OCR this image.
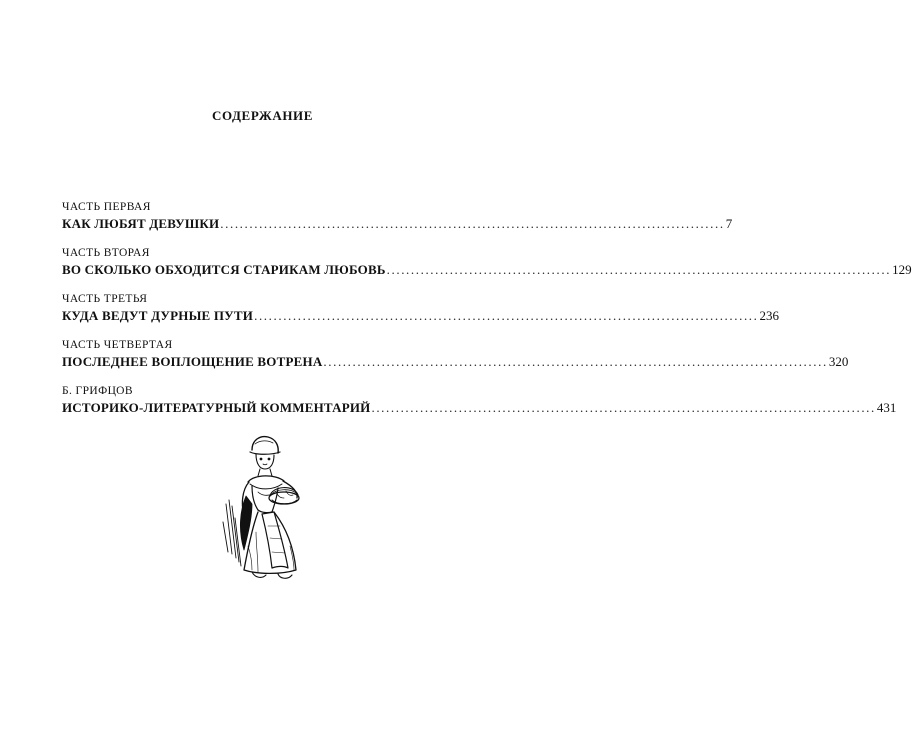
СОДЕРЖАНИЕ
ЧАСТЬ ПЕРВАЯ
КАК ЛЮБЯТ ДЕВУШКИ ........................................................................................................ 7
ЧАСТЬ ВТОРАЯ
ВО СКОЛЬКО ОБХОДИТСЯ СТАРИКАМ ЛЮБОВЬ ........................................................................................................ 129
ЧАСТЬ ТРЕТЬЯ
КУДА ВЕДУТ ДУРНЫЕ ПУТИ ........................................................................................................ 236
ЧАСТЬ ЧЕТВЕРТАЯ
ПОСЛЕДНЕЕ ВОПЛОЩЕНИЕ ВОТРЕНА ........................................................................................................ 320
Б. ГРИФЦОВ
ИСТОРИКО-ЛИТЕРАТУРНЫЙ КОММЕНТАРИЙ ........................................................................................................ 431
